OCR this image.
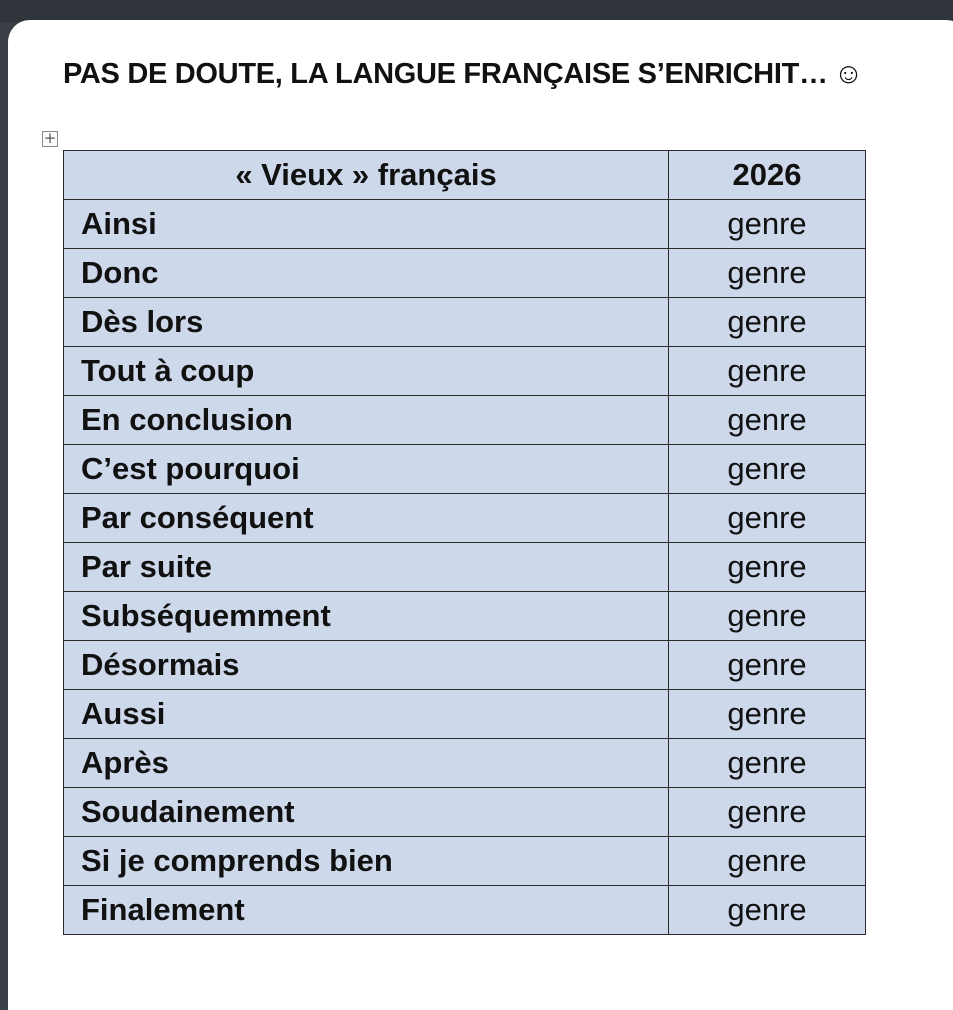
PAS DE DOUTE, LA LANGUE FRANÇAISE S’ENRICHIT… ☺
+
« Vieux » français	2026
Ainsi	genre
Donc	genre
Dès lors	genre
Tout à coup	genre
En conclusion	genre
C’est pourquoi	genre
Par conséquent	genre
Par suite	genre
Subséquemment	genre
Désormais	genre
Aussi	genre
Après	genre
Soudainement	genre
Si je comprends bien	genre
Finalement	genre
